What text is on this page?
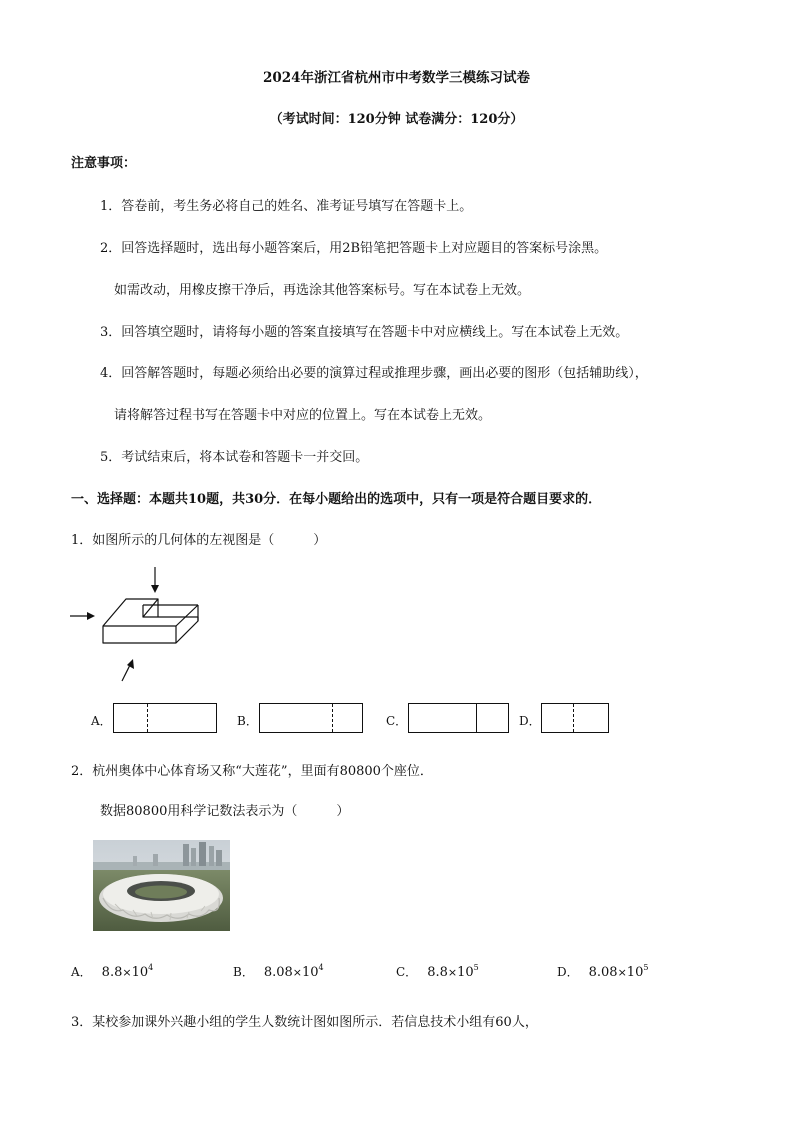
2024年浙江省杭州市中考数学三模练习试卷
（考试时间：120分钟 试卷满分：120分）
注意事项：
1．答卷前，考生务必将自己的姓名、准考证号填写在答题卡上。
2．回答选择题时，选出每小题答案后，用2B铅笔把答题卡上对应题目的答案标号涂黑。
如需改动，用橡皮擦干净后，再选涂其他答案标号。写在本试卷上无效。
3．回答填空题时，请将每小题的答案直接填写在答题卡中对应横线上。写在本试卷上无效。
4．回答解答题时，每题必须给出必要的演算过程或推理步骤，画出必要的图形（包括辅助线），
请将解答过程书写在答题卡中对应的位置上。写在本试卷上无效。
5．考试结束后，将本试卷和答题卡一并交回。
一、选择题：本题共10题，共30分．在每小题给出的选项中，只有一项是符合题目要求的．
1．如图所示的几何体的左视图是（　　　）
A．	B．	C．	D．
2．杭州奥体中心体育场又称“大莲花”，里面有80800个座位．
数据80800用科学记数法表示为（　　　）
A． $8.8\times 10^4$	B． $8.08\times 10^4$	C． $8.8\times 10^5$	D． $8.08\times 10^5$
3．某校参加课外兴趣小组的学生人数统计图如图所示．若信息技术小组有60人，
